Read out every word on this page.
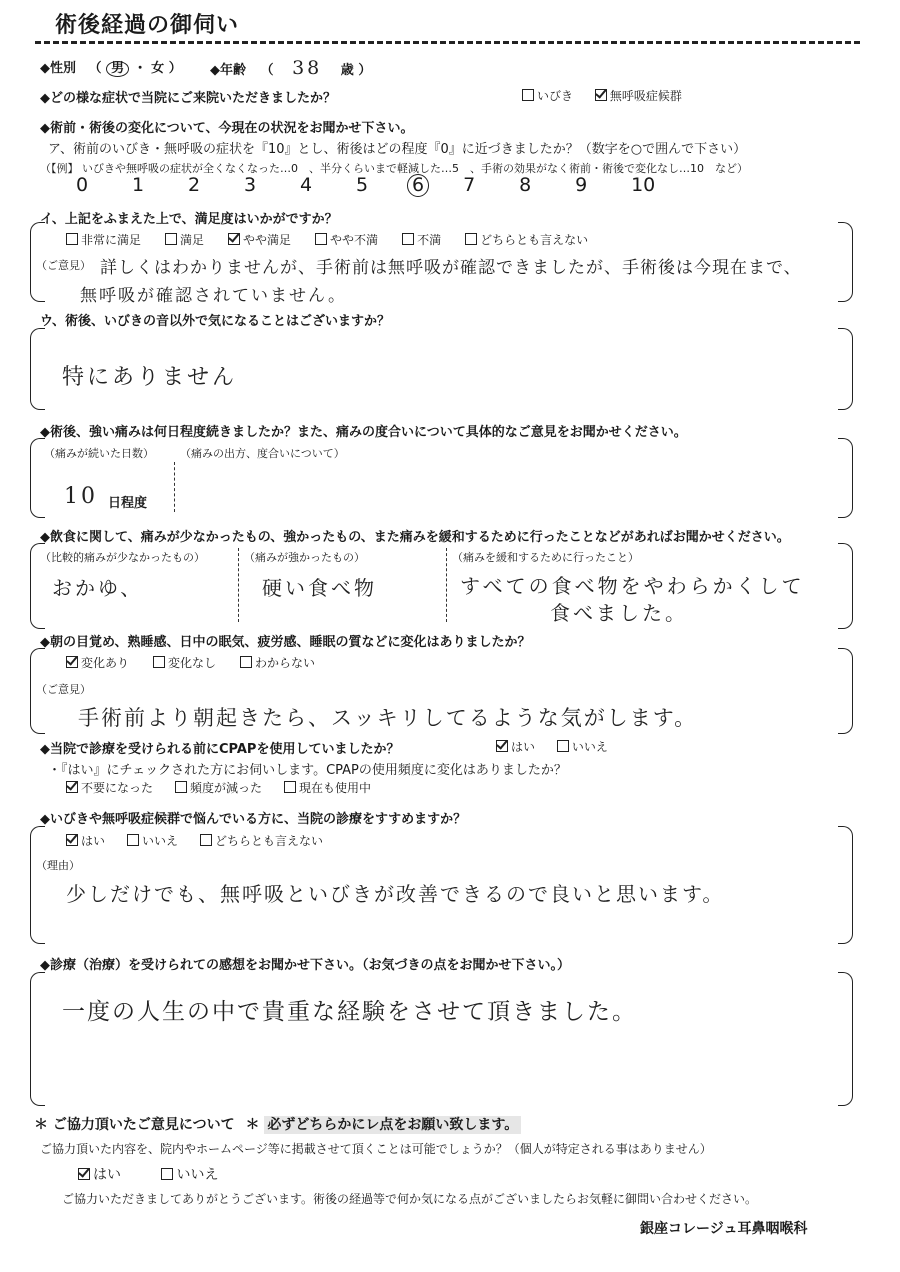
術後経過の御伺い
◆性別 （ 男 ・ 女 ） ◆年齢 （ 38 歳 ）
◆どの様な症状で当院にご来院いただきましたか？	いびき	無呼吸症候群
◆術前・術後の変化について、今現在の状況をお聞かせ下さい。
ア、術前のいびき・無呼吸の症状を『10』とし、術後はどの程度『0』に近づきましたか？（数字を○で囲んで下さい）
（【例】 いびきや無呼吸の症状が全くなくなった…0　、半分くらいまで軽減した…5　、手術の効果がなく術前・術後で変化なし…10　など）
0 1 2 3 4 5 6 7 8 9 10
イ、上記をふまえた上で、満足度はいかがですか？
非常に満足	満足	やや満足	やや不満	不満	どちらとも言えない
（ご意見） 詳しくはわかりませんが、手術前は無呼吸が確認できましたが、手術後は今現在まで、
無呼吸が確認されていません。
ウ、術後、いびきの音以外で気になることはございますか？
特にありません
◆術後、強い痛みは何日程度続きましたか？また、痛みの度合いについて具体的なご意見をお聞かせください。
（痛みが続いた日数） （痛みの出方、度合いについて）
10 日程度
◆飲食に関して、痛みが少なかったもの、強かったもの、また痛みを緩和するために行ったことなどがあればお聞かせください。
（比較的痛みが少なかったもの）	（痛みが強かったもの）	（痛みを緩和するために行ったこと）
おかゆ、	硬い食べ物	すべての食べ物をやわらかくして
食べました。
◆朝の目覚め、熟睡感、日中の眠気、疲労感、睡眠の質などに変化はありましたか？
変化あり	変化なし	わからない
（ご意見）
手術前より朝起きたら、スッキリしてるような気がします。
◆当院で診療を受けられる前にCPAPを使用していましたか？	はい	いいえ
・『はい』にチェックされた方にお伺いします。CPAPの使用頻度に変化はありましたか？
不要になった	頻度が減った	現在も使用中
◆いびきや無呼吸症候群で悩んでいる方に、当院の診療をすすめますか？
はい	いいえ	どちらとも言えない
（理由）
少しだけでも、無呼吸といびきが改善できるので良いと思います。
◆診療（治療）を受けられての感想をお聞かせ下さい。（お気づきの点をお聞かせ下さい。）
一度の人生の中で貴重な経験をさせて頂きました。
＊ ご協力頂いたご意見について ＊ 必ずどちらかにレ点をお願い致します。
ご協力頂いた内容を、院内やホームページ等に掲載させて頂くことは可能でしょうか？（個人が特定される事はありません）
はい	いいえ
ご協力いただきましてありがとうございます。術後の経過等で何か気になる点がございましたらお気軽に御問い合わせください。
銀座コレージュ耳鼻咽喉科
